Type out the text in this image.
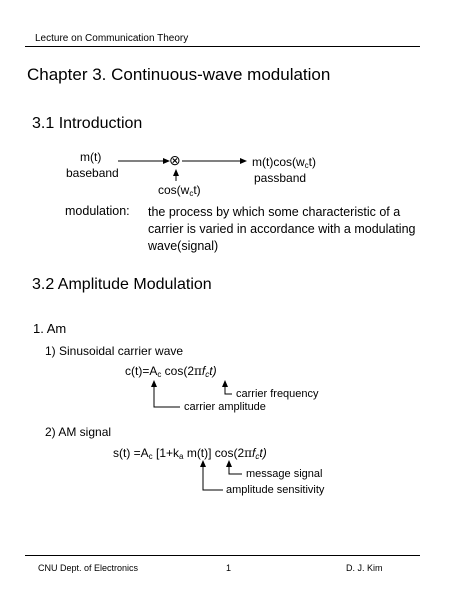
Lecture on Communication Theory
Chapter 3. Continuous-wave modulation
3.1 Introduction
⊗
m(t)
baseband
$m(t)\cos(w_ct)$
passband
$\cos(w_ct)$
modulation: the process by which some characteristic of a carrier is varied in accordance with a modulating wave(signal)
3.2 Amplitude Modulation
1. Am
1) Sinusoidal carrier wave
$c(t)=A_c$ $\cos(2\pi f_ct)$
carrier frequency
carrier amplitude
2) AM signal
$s(t) =A_c$ [$1+k_a$ m(t)] $\cos(2\pi f_ct)$
message signal
amplitude sensitivity
CNU Dept. of Electronics	1	D. J. Kim
